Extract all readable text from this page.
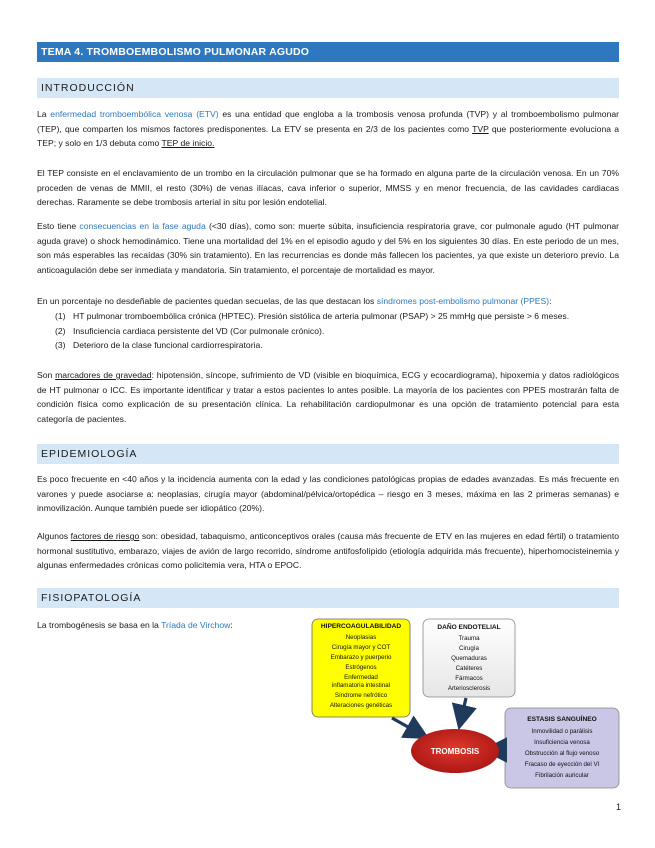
TEMA 4. TROMBOEMBOLISMO PULMONAR AGUDO
INTRODUCCIÓN
La enfermedad tromboembólica venosa (ETV) es una entidad que engloba a la trombosis venosa profunda (TVP) y al tromboembolismo pulmonar (TEP), que comparten los mismos factores predisponentes. La ETV se presenta en 2/3 de los pacientes como TVP que posteriormente evoluciona a TEP; y solo en 1/3 debuta como TEP de inicio.
El TEP consiste en el enclavamiento de un trombo en la circulación pulmonar que se ha formado en alguna parte de la circulación venosa. En un 70% proceden de venas de MMII, el resto (30%) de venas ilíacas, cava inferior o superior, MMSS y en menor frecuencia, de las cavidades cardiacas derechas. Raramente se debe trombosis arterial in situ por lesión endotelial.
Esto tiene consecuencias en la fase aguda (<30 días), como son: muerte súbita, insuficiencia respiratoria grave, cor pulmonale agudo (HT pulmonar aguda grave) o shock hemodinámico. Tiene una mortalidad del 1% en el episodio agudo y del 5% en los siguientes 30 días. En este periodo de un mes, son más esperables las recaídas (30% sin tratamiento). En las recurrencias es donde más fallecen los pacientes, ya que existe un deterioro previo. La anticoagulación debe ser inmediata y mandatoria. Sin tratamiento, el porcentaje de mortalidad es mayor.
En un porcentaje no desdeñable de pacientes quedan secuelas, de las que destacan los síndromes post-embolismo pulmonar (PPES):
(1) HT pulmonar tromboembólica crónica (HPTEC). Presión sistólica de arteria pulmonar (PSAP) > 25 mmHg que persiste > 6 meses.
(2) Insuficiencia cardiaca persistente del VD (Cor pulmonale crónico).
(3) Deterioro de la clase funcional cardiorrespiratoria.
Son marcadores de gravedad: hipotensión, síncope, sufrimiento de VD (visible en bioquímica, ECG y ecocardiograma), hipoxemia y datos radiológicos de HT pulmonar o ICC. Es importante identificar y tratar a estos pacientes lo antes posible. La mayoría de los pacientes con PPES mostrarán falta de condición física como explicación de su presentación clínica. La rehabilitación cardiopulmonar es una opción de tratamiento potencial para esta categoría de pacientes.
EPIDEMIOLOGÍA
Es poco frecuente en <40 años y la incidencia aumenta con la edad y las condiciones patológicas propias de edades avanzadas. Es más frecuente en varones y puede asociarse a: neoplasias, cirugía mayor (abdominal/pélvica/ortopédica – riesgo en 3 meses, máxima en las 2 primeras semanas) e inmovilización. Aunque también puede ser idiopático (20%).
Algunos factores de riesgo son: obesidad, tabaquismo, anticonceptivos orales (causa más frecuente de ETV en las mujeres en edad fértil) o tratamiento hormonal sustitutivo, embarazo, viajes de avión de largo recorrido, síndrome antifosfolípido (etiología adquirida más frecuente), hiperhomocisteinemia y algunas enfermedades crónicas como policitemia vera, HTA o EPOC.
FISIOPATOLOGÍA
La trombogénesis se basa en la Tríada de Virchow:	HIPERCOAGULABILIDAD
Neoplasias
Cirugía mayor y COT
Embarazo y puerperio
Estrógenos
Enfermedad
inflamatoria intestinal
Síndrome nefrótico
Alteraciones genéticas
DAÑO ENDOTELIAL
Trauma
Cirugía
Quemaduras
Catéteres
Fármacos
Arteriosclerosis
ESTASIS SANGUÍNEO
Inmovilidad o parálisis
Insuficiencia venosa
Obstrucción al flujo venoso
Fracaso de eyección del VI
Fibrilación auricular
TROMBOSIS
1
